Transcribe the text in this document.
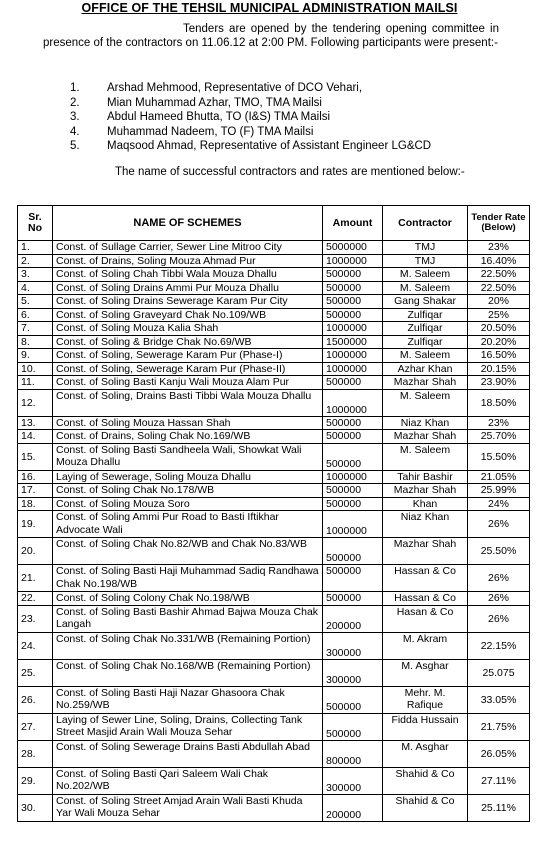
OFFICE OF THE TEHSIL MUNICIPAL ADMINISTRATION MAILSI
Tenders are opened by the tendering opening committee in presence of the contractors on 11.06.12 at 2:00 PM. Following participants were present:-
1.	Arshad Mehmood, Representative of DCO Vehari,
2.	Mian Muhammad Azhar, TMO, TMA Mailsi
3.	Abdul Hameed Bhutta, TO (I&S) TMA Mailsi
4.	Muhammad Nadeem, TO (F) TMA Mailsi
5.	Maqsood Ahmad, Representative of Assistant Engineer LG&CD
The name of successful contractors and rates are mentioned below:-
Sr. No	NAME OF SCHEMES	Amount	Contractor	Tender Rate (Below)
1.	Const. of Sullage Carrier, Sewer Line Mitroo City	5000000	TMJ	23%
2.	Const. of Drains, Soling Mouza Ahmad Pur	1000000	TMJ	16.40%
3.	Const. of Soling Chah Tibbi Wala Mouza Dhallu	500000	M. Saleem	22.50%
4.	Const. of Soling Drains Ammi Pur Mouza Dhallu	500000	M. Saleem	22.50%
5.	Const. of Soling Drains Sewerage Karam Pur City	500000	Gang Shakar	20%
6.	Const. of Soling Graveyard Chak No.109/WB	500000	Zulfiqar	25%
7.	Const. of Soling Mouza Kalia Shah	1000000	Zulfiqar	20.50%
8.	Const. of Soling & Bridge Chak No.69/WB	1500000	Zulfiqar	20.20%
9.	Const. of Soling, Sewerage Karam Pur (Phase-I)	1000000	M. Saleem	16.50%
10.	Const. of Soling, Sewerage Karam Pur (Phase-II)	1000000	Azhar Khan	20.15%
11.	Const. of Soling Basti Kanju Wali Mouza Alam Pur	500000	Mazhar Shah	23.90%
12.	Const. of Soling, Drains Basti Tibbi Wala Mouza Dhallu	1000000	M. Saleem	18.50%
13.	Const. of Soling Mouza Hassan Shah	500000	Niaz Khan	23%
14.	Const. of Drains, Soling Chak No.169/WB	500000	Mazhar Shah	25.70%
15.	Const. of Soling Basti Sandheela Wali, Showkat Wali Mouza Dhallu	500000	M. Saleem	15.50%
16.	Laying of Sewerage, Soling Mouza Dhallu	1000000	Tahir Bashir	21.05%
17.	Const. of Soling Chak No.178/WB	500000	Mazhar Shah	25.99%
18.	Const. of Soling Mouza Soro	500000	Khan	24%
19.	Const. of Soling Ammi Pur Road to Basti Iftikhar Advocate Wali	1000000	Niaz Khan	26%
20.	Const. of Soling Chak No.82/WB and Chak No.83/WB	500000	Mazhar Shah	25.50%
21.	Const. of Soling Basti Haji Muhammad Sadiq Randhawa Chak No.198/WB	500000	Hassan & Co	26%
22.	Const. of Soling Colony Chak No.198/WB	500000	Hassan & Co	26%
23.	Const. of Soling Basti Bashir Ahmad Bajwa Mouza Chak Langah	200000	Hasan & Co	26%
24.	Const. of Soling Chak No.331/WB (Remaining Portion)	300000	M. Akram	22.15%
25.	Const. of Soling Chak No.168/WB (Remaining Portion)	300000	M. Asghar	25.075
26.	Const. of Soling Basti Haji Nazar Ghasoora Chak No.259/WB	500000	Mehr. M. Rafique	33.05%
27.	Laying of Sewer Line, Soling, Drains, Collecting Tank Street Masjid Arain Wali Mouza Sehar	500000	Fidda Hussain	21.75%
28.	Const. of Soling Sewerage Drains Basti Abdullah Abad	800000	M. Asghar	26.05%
29.	Const. of Soling Basti Qari Saleem Wali Chak No.202/WB	300000	Shahid & Co	27.11%
30.	Const. of Soling Street Amjad Arain Wali Basti Khuda Yar Wali Mouza Sehar	200000	Shahid & Co	25.11%
